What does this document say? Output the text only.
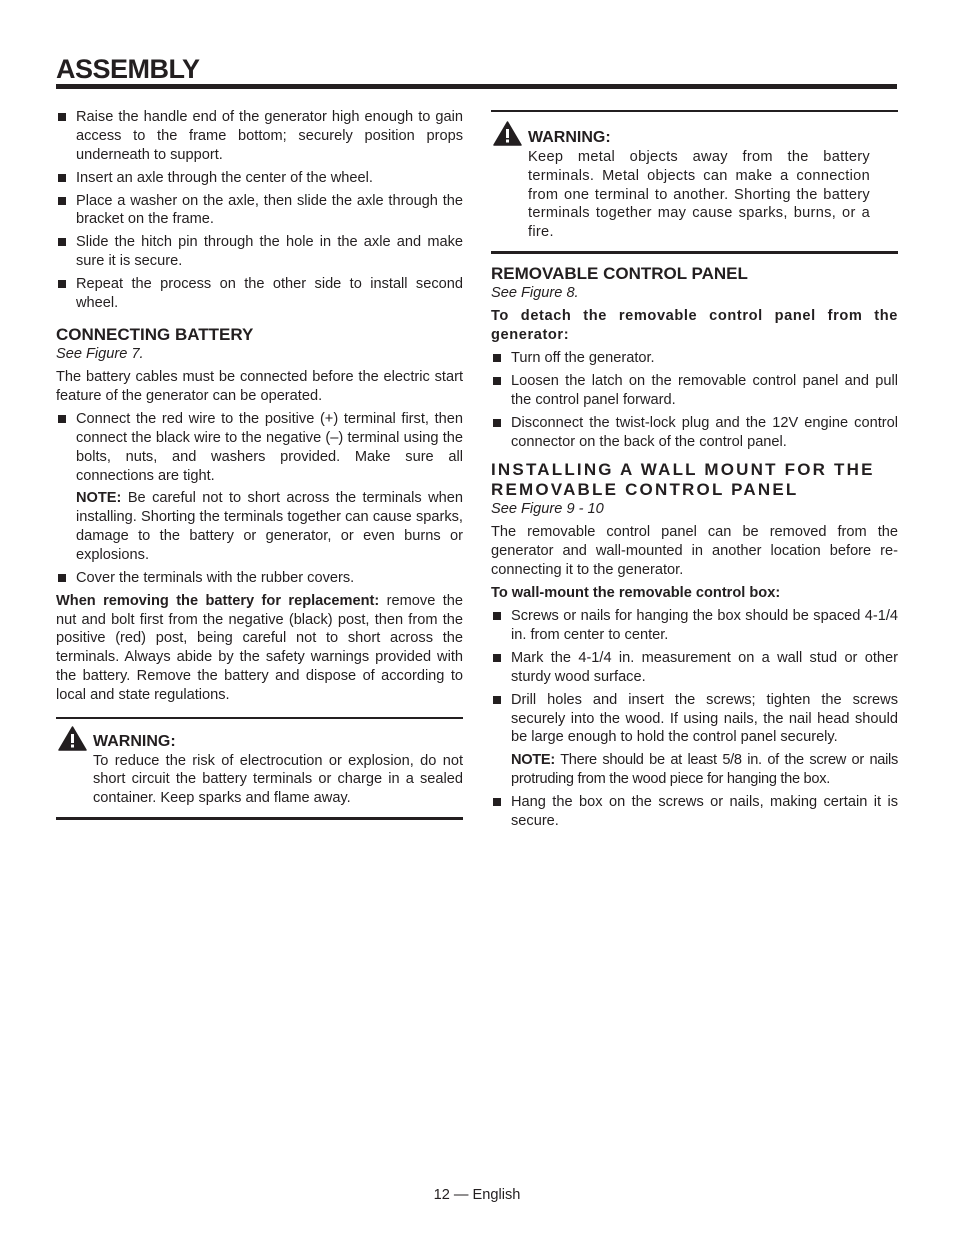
ASSEMBLY
Raise the handle end of the generator high enough to gain access to the frame bottom; securely position props underneath to support.
Insert an axle through the center of the wheel.
Place a washer on the axle, then slide the axle through the bracket on the frame.
Slide the hitch pin through the hole in the axle and make sure it is secure.
Repeat the process on the other side to install second wheel.
CONNECTING BATTERY
See Figure 7.

The battery cables must be connected before the electric start feature of the generator can be operated.

Connect the red wire to the positive (+) terminal first, then connect the black wire to the negative (–) terminal using the bolts, nuts, and washers provided. Make sure all connections are tight.
NOTE: Be careful not to short across the terminals when installing. Shorting the terminals together can cause sparks, damage to the battery or generator, or even burns or explosions.
Cover the terminals with the rubber covers.

When removing the battery for replacement: remove the nut and bolt first from the negative (black) post, then from the positive (red) post, being careful not to short across the terminals. Always abide by the safety warnings provided with the battery. Remove the battery and dispose of according to local and state regulations.

WARNING:
To reduce the risk of electrocution or explosion, do not short circuit the battery terminals or charge in a sealed container. Keep sparks and flame away.
WARNING:
Keep metal objects away from the battery terminals. Metal objects can make a connection from one terminal to another. Shorting the battery terminals together may cause sparks, burns, or a fire.
REMOVABLE CONTROL PANEL
See Figure 8.

To detach the removable control panel from the generator:

Turn off the generator.
Loosen the latch on the removable control panel and pull the control panel forward.
Disconnect the twist-lock plug and the 12V engine control connector on the back of the control panel.
INSTALLING A WALL MOUNT FOR THE REMOVABLE CONTROL PANEL
See Figure 9 - 10

The removable control panel can be removed from the generator and wall-mounted in another location before re-connecting it to the generator.

To wall-mount the removable control box:

Screws or nails for hanging the box should be spaced 4-1/4 in. from center to center.
Mark the 4-1/4 in. measurement on a wall stud or other sturdy wood surface.
Drill holes and insert the screws; tighten the screws securely into the wood. If using nails, the nail head should be large enough to hold the control panel securely.
NOTE: There should be at least 5/8 in. of the screw or nails protruding from the wood piece for hanging the box.
Hang the box on the screws or nails, making certain it is secure.
12 — English
